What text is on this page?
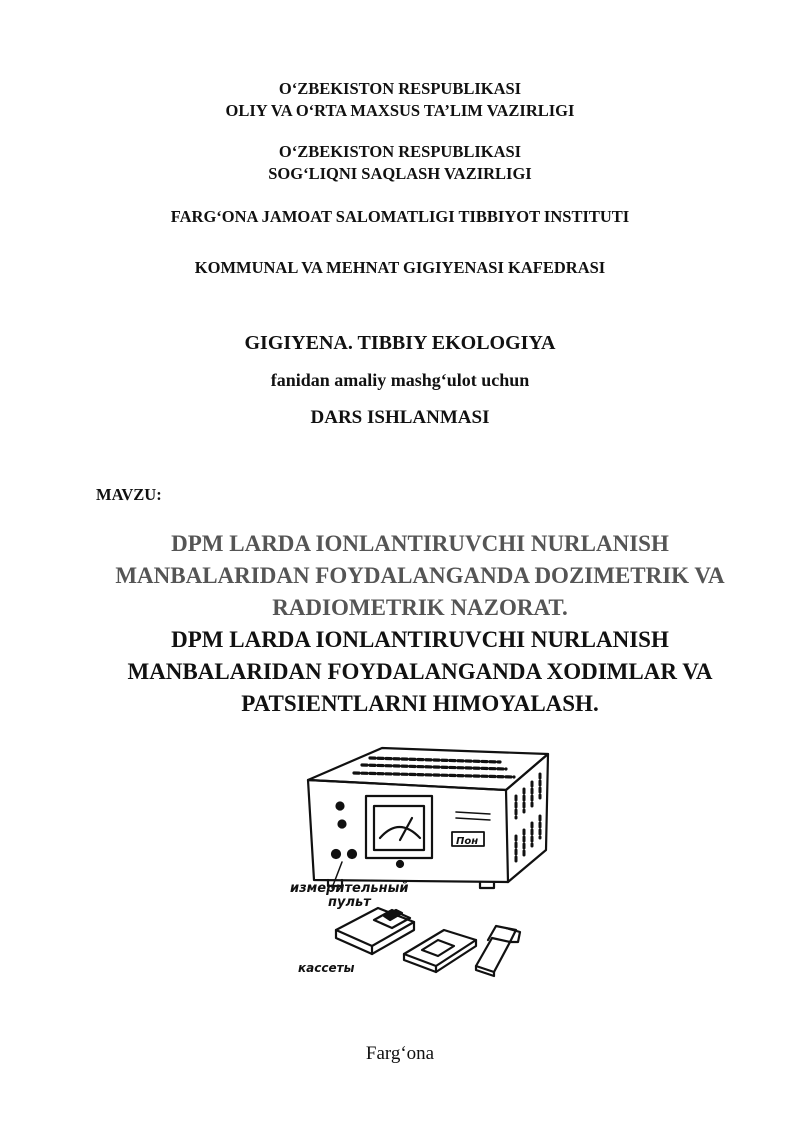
O‘ZBEKISTON RESPUBLIKASI
OLIY VA O‘RTA MAXSUS TA’LIM VAZIRLIGI
O‘ZBEKISTON RESPUBLIKASI
SOG‘LIQNI SAQLASH VAZIRLIGI
FARG‘ONA JAMOAT SALOMATLIGI TIBBIYOT INSTITUTI
KOMMUNAL VA MEHNAT GIGIYENASI KAFEDRASI
GIGIYENA. TIBBIY EKOLOGIYA
fanidan amaliy mashg‘ulot uchun
DARS ISHLANMASI
MAVZU:
DPM LARDA IONLANTIRUVCHI NURLANISH
MANBALARIDAN FOYDALANGANDA DOZIMETRIK VA
RADIOMETRIK NAZORAT.
DPM LARDA IONLANTIRUVCHI NURLANISH
MANBALARIDAN FOYDALANGANDA XODIMLAR VA
PATSIENTLARNI HIMOYALASH.
Пон
измерительный
пульт
кассеты
Farg‘ona
